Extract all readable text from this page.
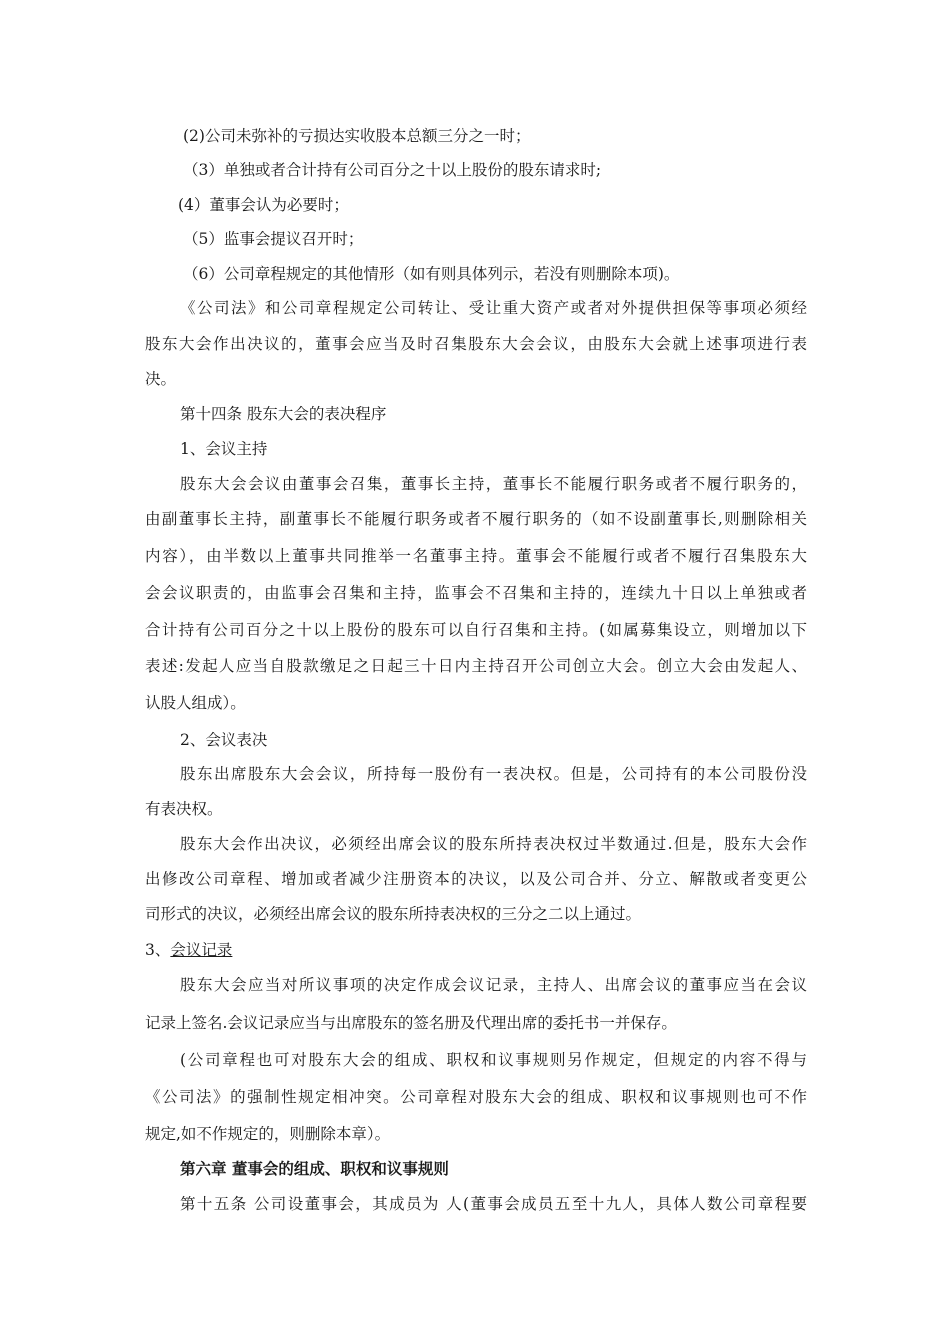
(2)公司未弥补的亏损达实收股本总额三分之一时；
（3）单独或者合计持有公司百分之十以上股份的股东请求时;
(4）董事会认为必要时；
（5）监事会提议召开时；
（6）公司章程规定的其他情形（如有则具体列示，若没有则删除本项)。
《公司法》和公司章程规定公司转让、受让重大资产或者对外提供担保等事项必须经
股东大会作出决议的，董事会应当及时召集股东大会会议，由股东大会就上述事项进行表
决。
第十四条 股东大会的表决程序
1、会议主持
股东大会会议由董事会召集，董事长主持，董事长不能履行职务或者不履行职务的，
由副董事长主持，副董事长不能履行职务或者不履行职务的（如不设副董事长,则删除相关
内容），由半数以上董事共同推举一名董事主持。董事会不能履行或者不履行召集股东大
会会议职责的，由监事会召集和主持，监事会不召集和主持的，连续九十日以上单独或者
合计持有公司百分之十以上股份的股东可以自行召集和主持。(如属募集设立，则增加以下
表述:发起人应当自股款缴足之日起三十日内主持召开公司创立大会。创立大会由发起人、
认股人组成）。
2、会议表决
股东出席股东大会会议，所持每一股份有一表决权。但是，公司持有的本公司股份没
有表决权。
股东大会作出决议，必须经出席会议的股东所持表决权过半数通过.但是，股东大会作
出修改公司章程、增加或者减少注册资本的决议，以及公司合并、分立、解散或者变更公
司形式的决议，必须经出席会议的股东所持表决权的三分之二以上通过。
3、会议记录
股东大会应当对所议事项的决定作成会议记录，主持人、出席会议的董事应当在会议
记录上签名.会议记录应当与出席股东的签名册及代理出席的委托书一并保存。
(公司章程也可对股东大会的组成、职权和议事规则另作规定，但规定的内容不得与
《公司法》的强制性规定相冲突。公司章程对股东大会的组成、职权和议事规则也可不作
规定,如不作规定的，则删除本章）。
第六章 董事会的组成、职权和议事规则
第十五条 公司设董事会，其成员为 人(董事会成员五至十九人，具体人数公司章程要
